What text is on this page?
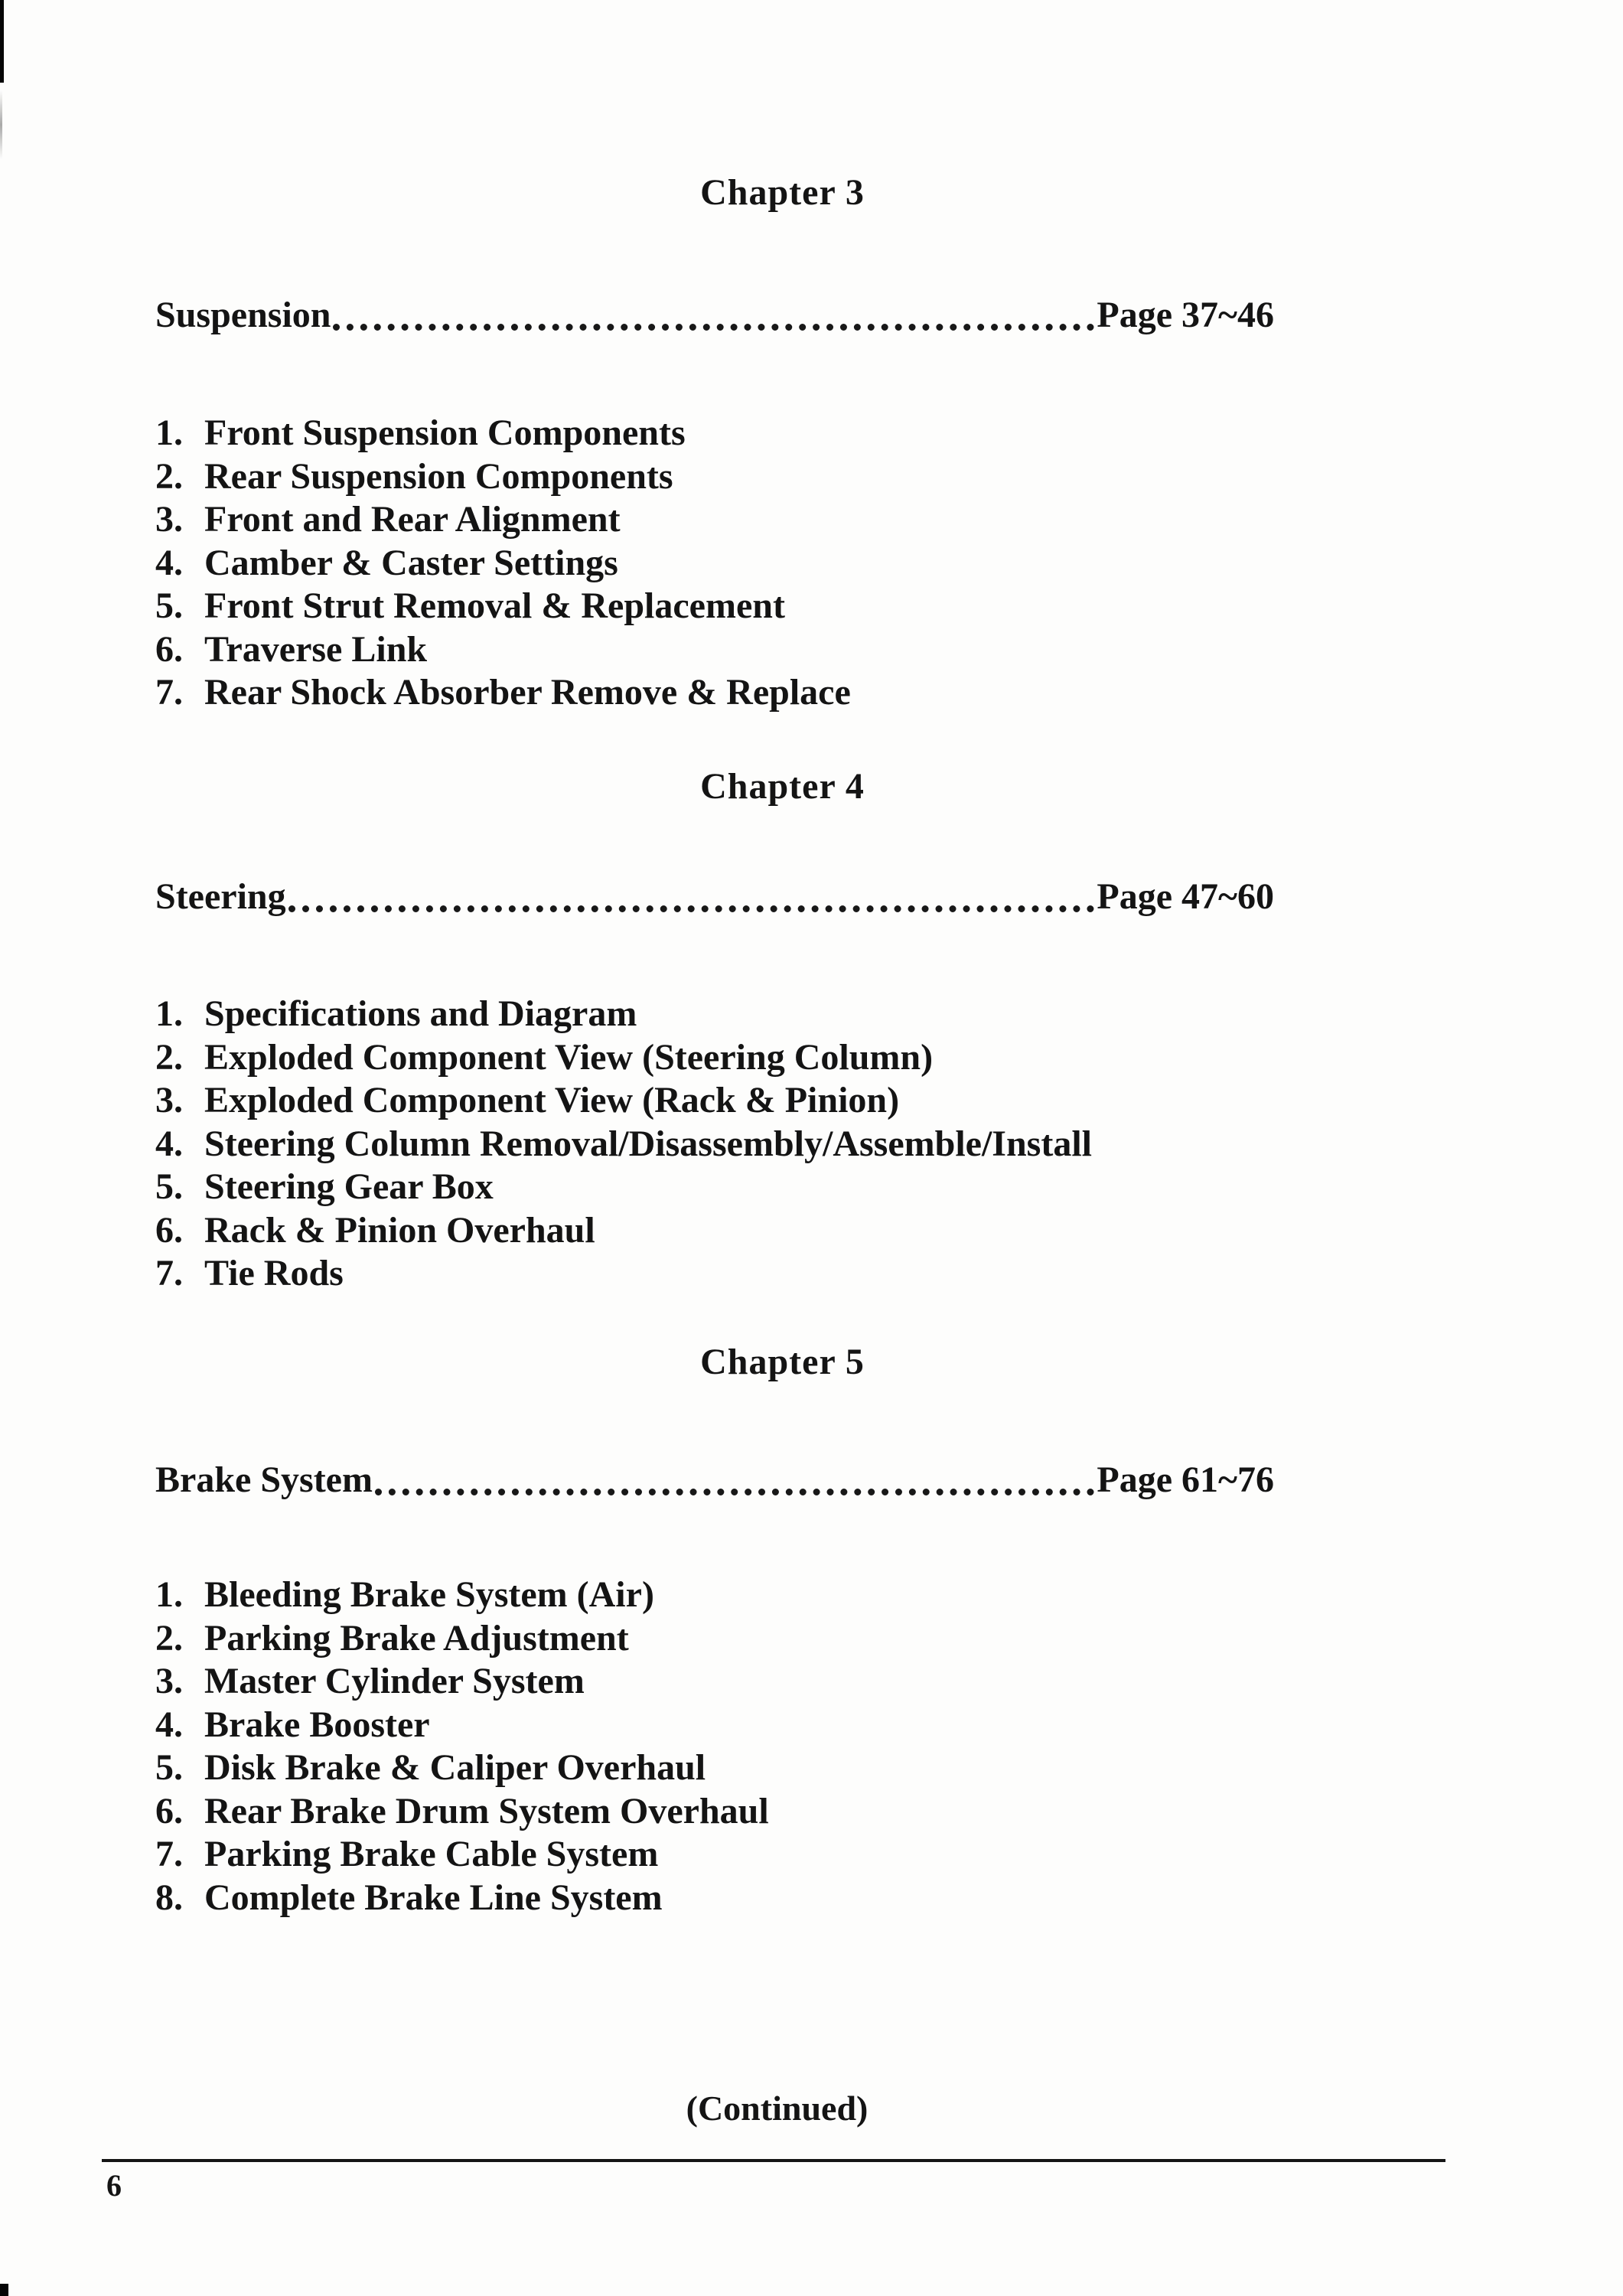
Chapter 3
Suspension	Page 37~46
1. Front Suspension Components
2. Rear Suspension Components
3. Front and Rear Alignment
4. Camber & Caster Settings
5. Front Strut Removal & Replacement
6. Traverse Link
7. Rear Shock Absorber Remove & Replace
Chapter 4
Steering	Page 47~60
1. Specifications and Diagram
2. Exploded Component View (Steering Column)
3. Exploded Component View (Rack & Pinion)
4. Steering Column Removal/Disassembly/Assemble/Install
5. Steering Gear Box
6. Rack & Pinion Overhaul
7. Tie Rods
Chapter 5
Brake System	Page 61~76
1. Bleeding Brake System (Air)
2. Parking Brake Adjustment
3. Master Cylinder System
4. Brake Booster
5. Disk Brake & Caliper Overhaul
6. Rear Brake Drum System Overhaul
7. Parking Brake Cable System
8. Complete Brake Line System
(Continued)
6
